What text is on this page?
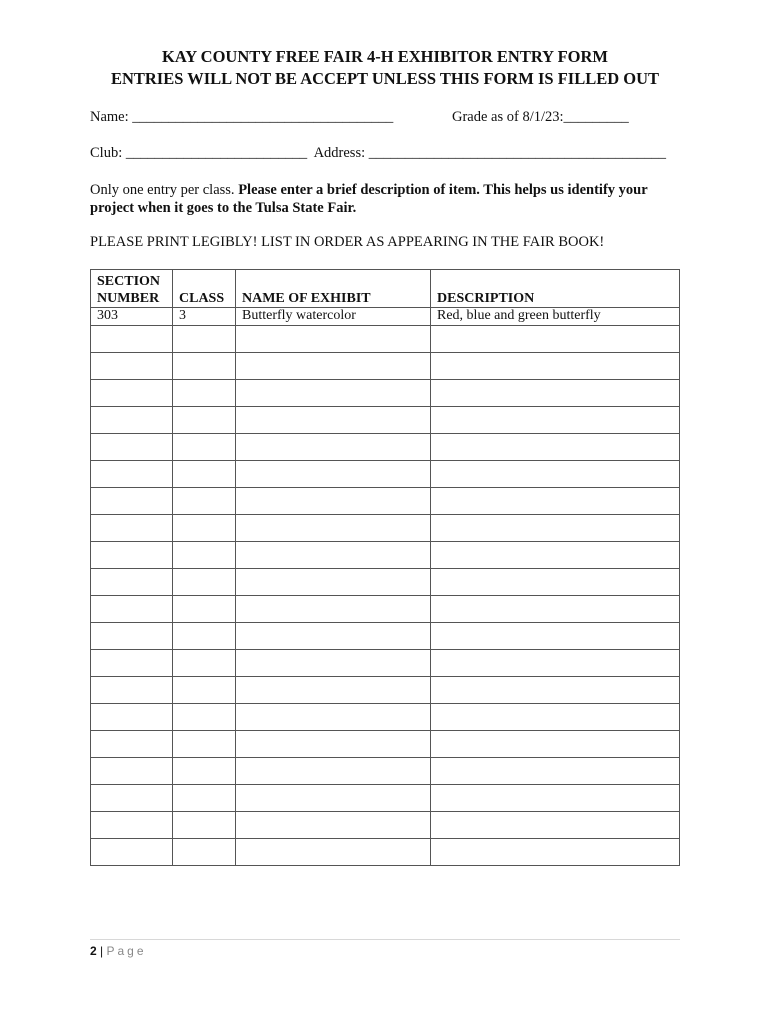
KAY COUNTY FREE FAIR 4-H EXHIBITOR ENTRY FORM
ENTRIES WILL NOT BE ACCEPT UNLESS THIS FORM IS FILLED OUT
Name: ____________________________________	Grade as of 8/1/23:_________
Club: _________________________ Address: _________________________________________
Only one entry per class. Please enter a brief description of item. This helps us identify your project when it goes to the Tulsa State Fair.
PLEASE PRINT LEGIBLY! LIST IN ORDER AS APPEARING IN THE FAIR BOOK!
SECTION
NUMBER	CLASS	NAME OF EXHIBIT	DESCRIPTION
303	3	Butterfly watercolor	Red, blue and green butterfly

2 | Page
